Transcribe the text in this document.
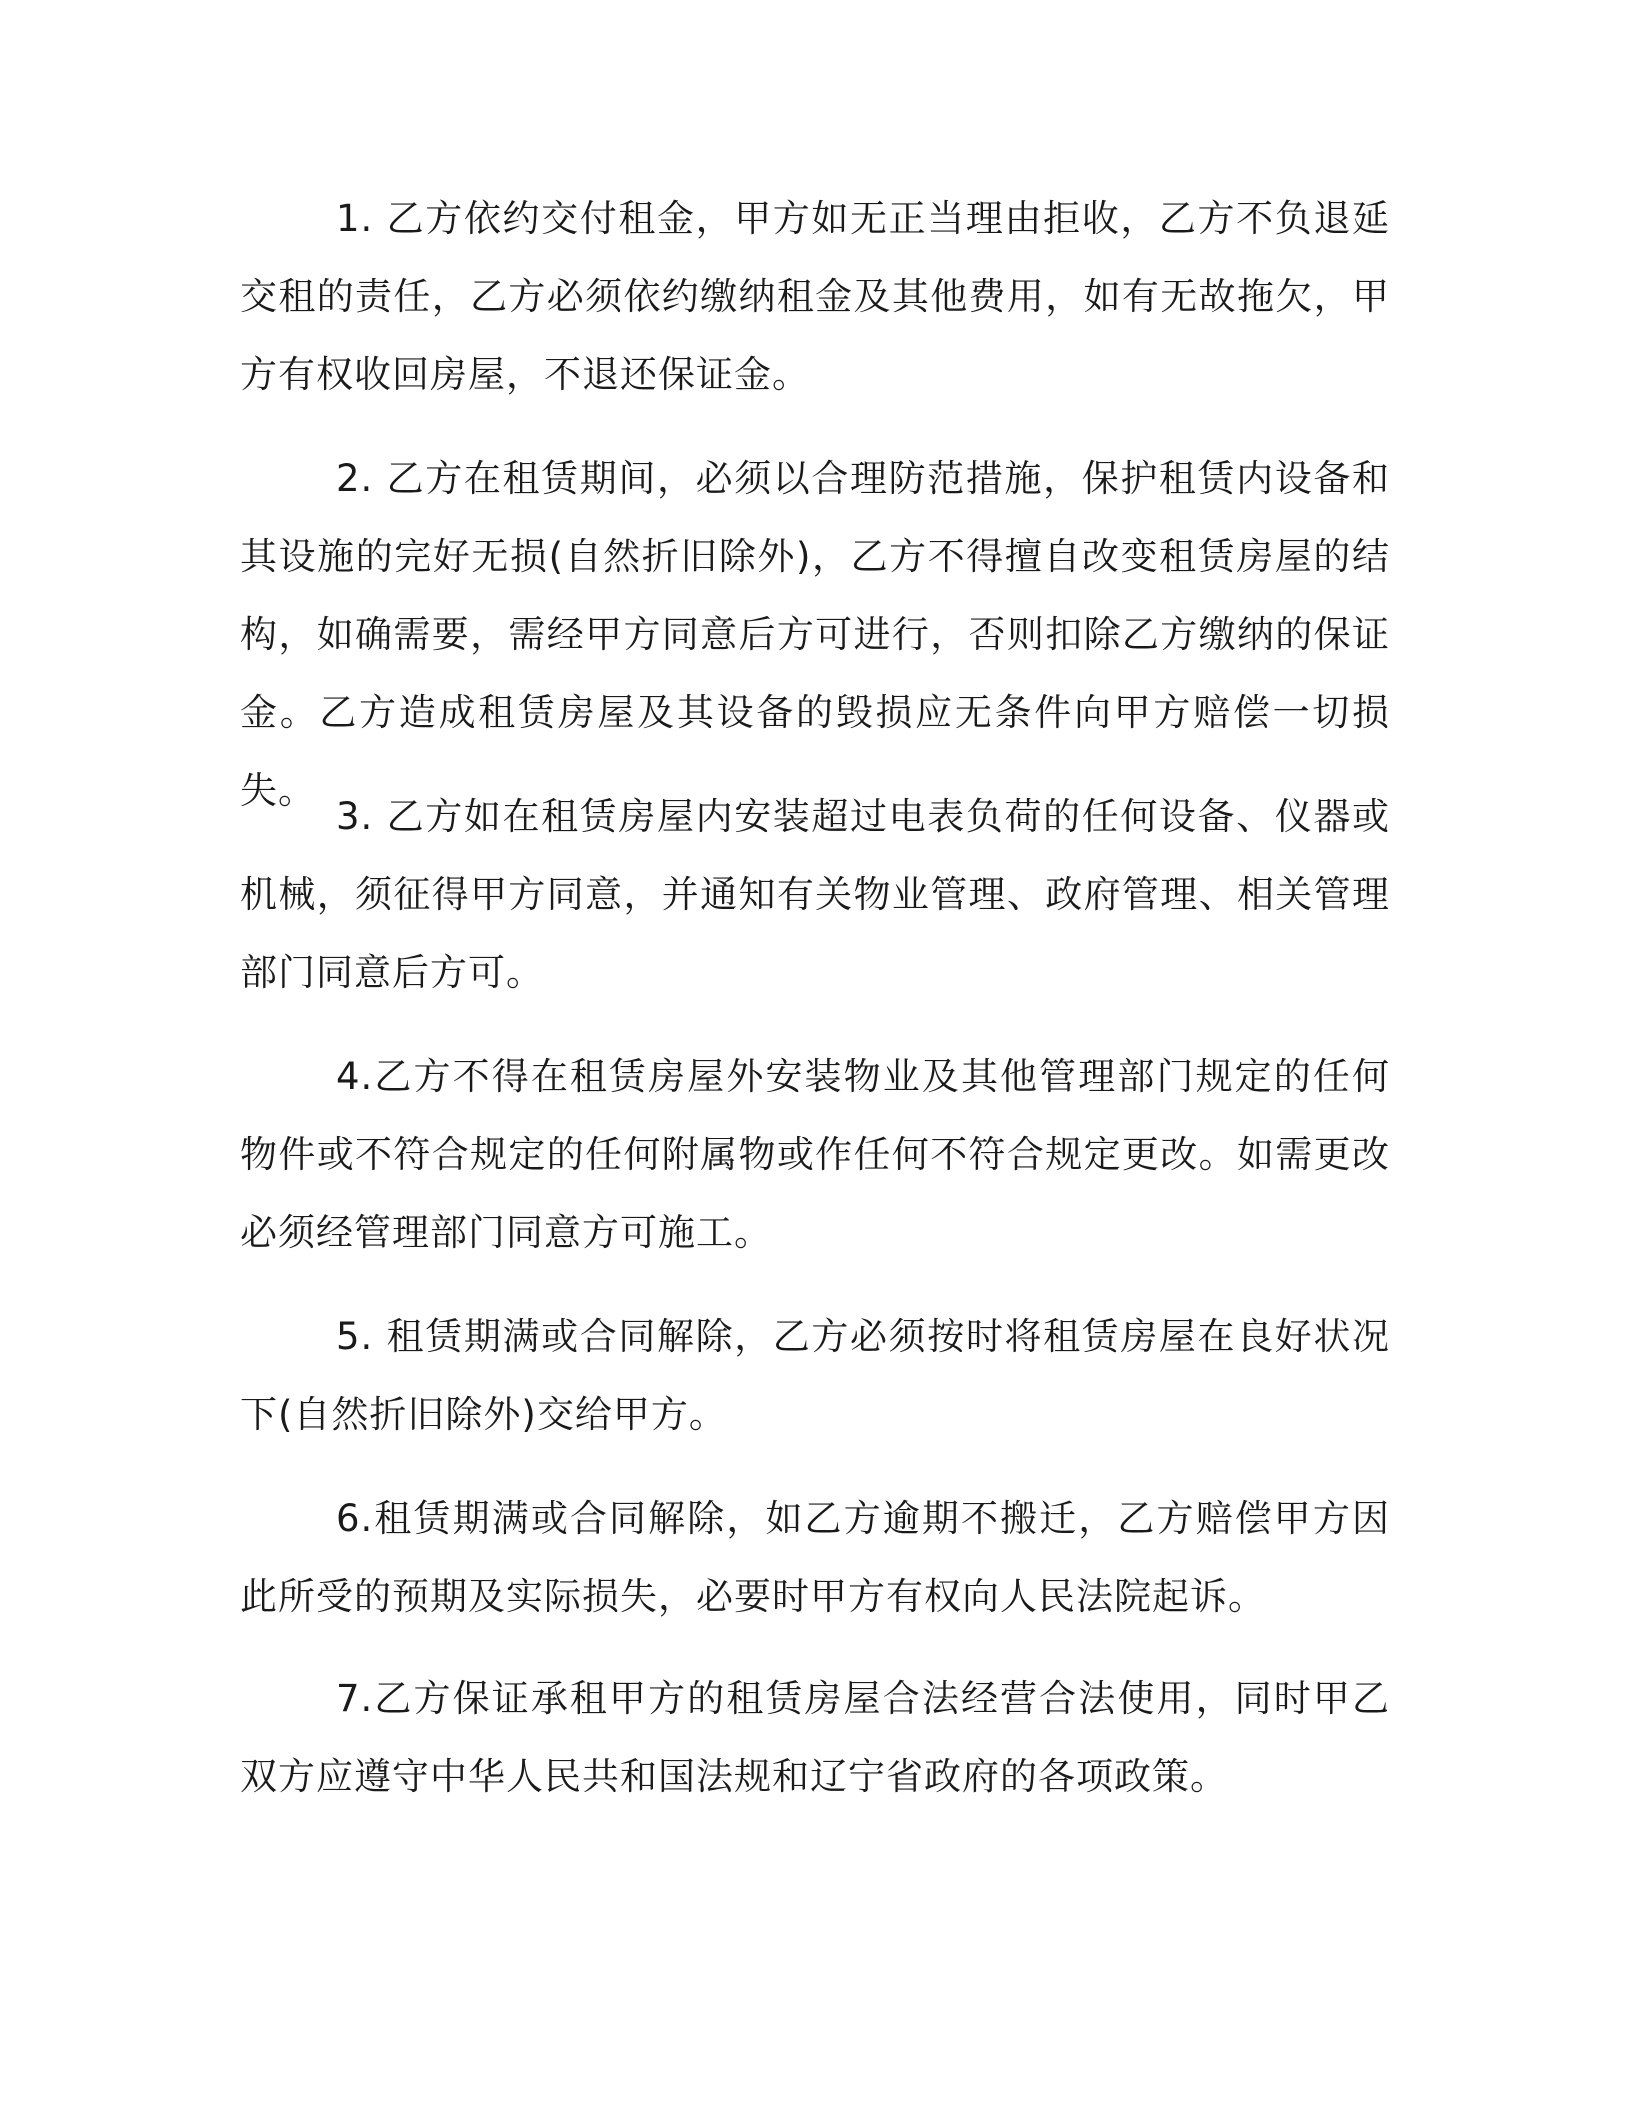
1. 乙方依约交付租金，甲方如无正当理由拒收，乙方不负退延交租的责任，乙方必须依约缴纳租金及其他费用，如有无故拖欠，甲方有权收回房屋，不退还保证金。

2. 乙方在租赁期间，必须以合理防范措施，保护租赁内设备和其设施的完好无损(自然折旧除外)，乙方不得擅自改变租赁房屋的结构，如确需要，需经甲方同意后方可进行，否则扣除乙方缴纳的保证金。乙方造成租赁房屋及其设备的毁损应无条件向甲方赔偿一切损失。

3. 乙方如在租赁房屋内安装超过电表负荷的任何设备、仪器或机械，须征得甲方同意，并通知有关物业管理、政府管理、相关管理部门同意后方可。

4.乙方不得在租赁房屋外安装物业及其他管理部门规定的任何物件或不符合规定的任何附属物或作任何不符合规定更改。如需更改必须经管理部门同意方可施工。

5. 租赁期满或合同解除，乙方必须按时将租赁房屋在良好状况下(自然折旧除外)交给甲方。

6.租赁期满或合同解除，如乙方逾期不搬迁，乙方赔偿甲方因此所受的预期及实际损失，必要时甲方有权向人民法院起诉。

7.乙方保证承租甲方的租赁房屋合法经营合法使用，同时甲乙双方应遵守中华人民共和国法规和辽宁省政府的各项政策。
